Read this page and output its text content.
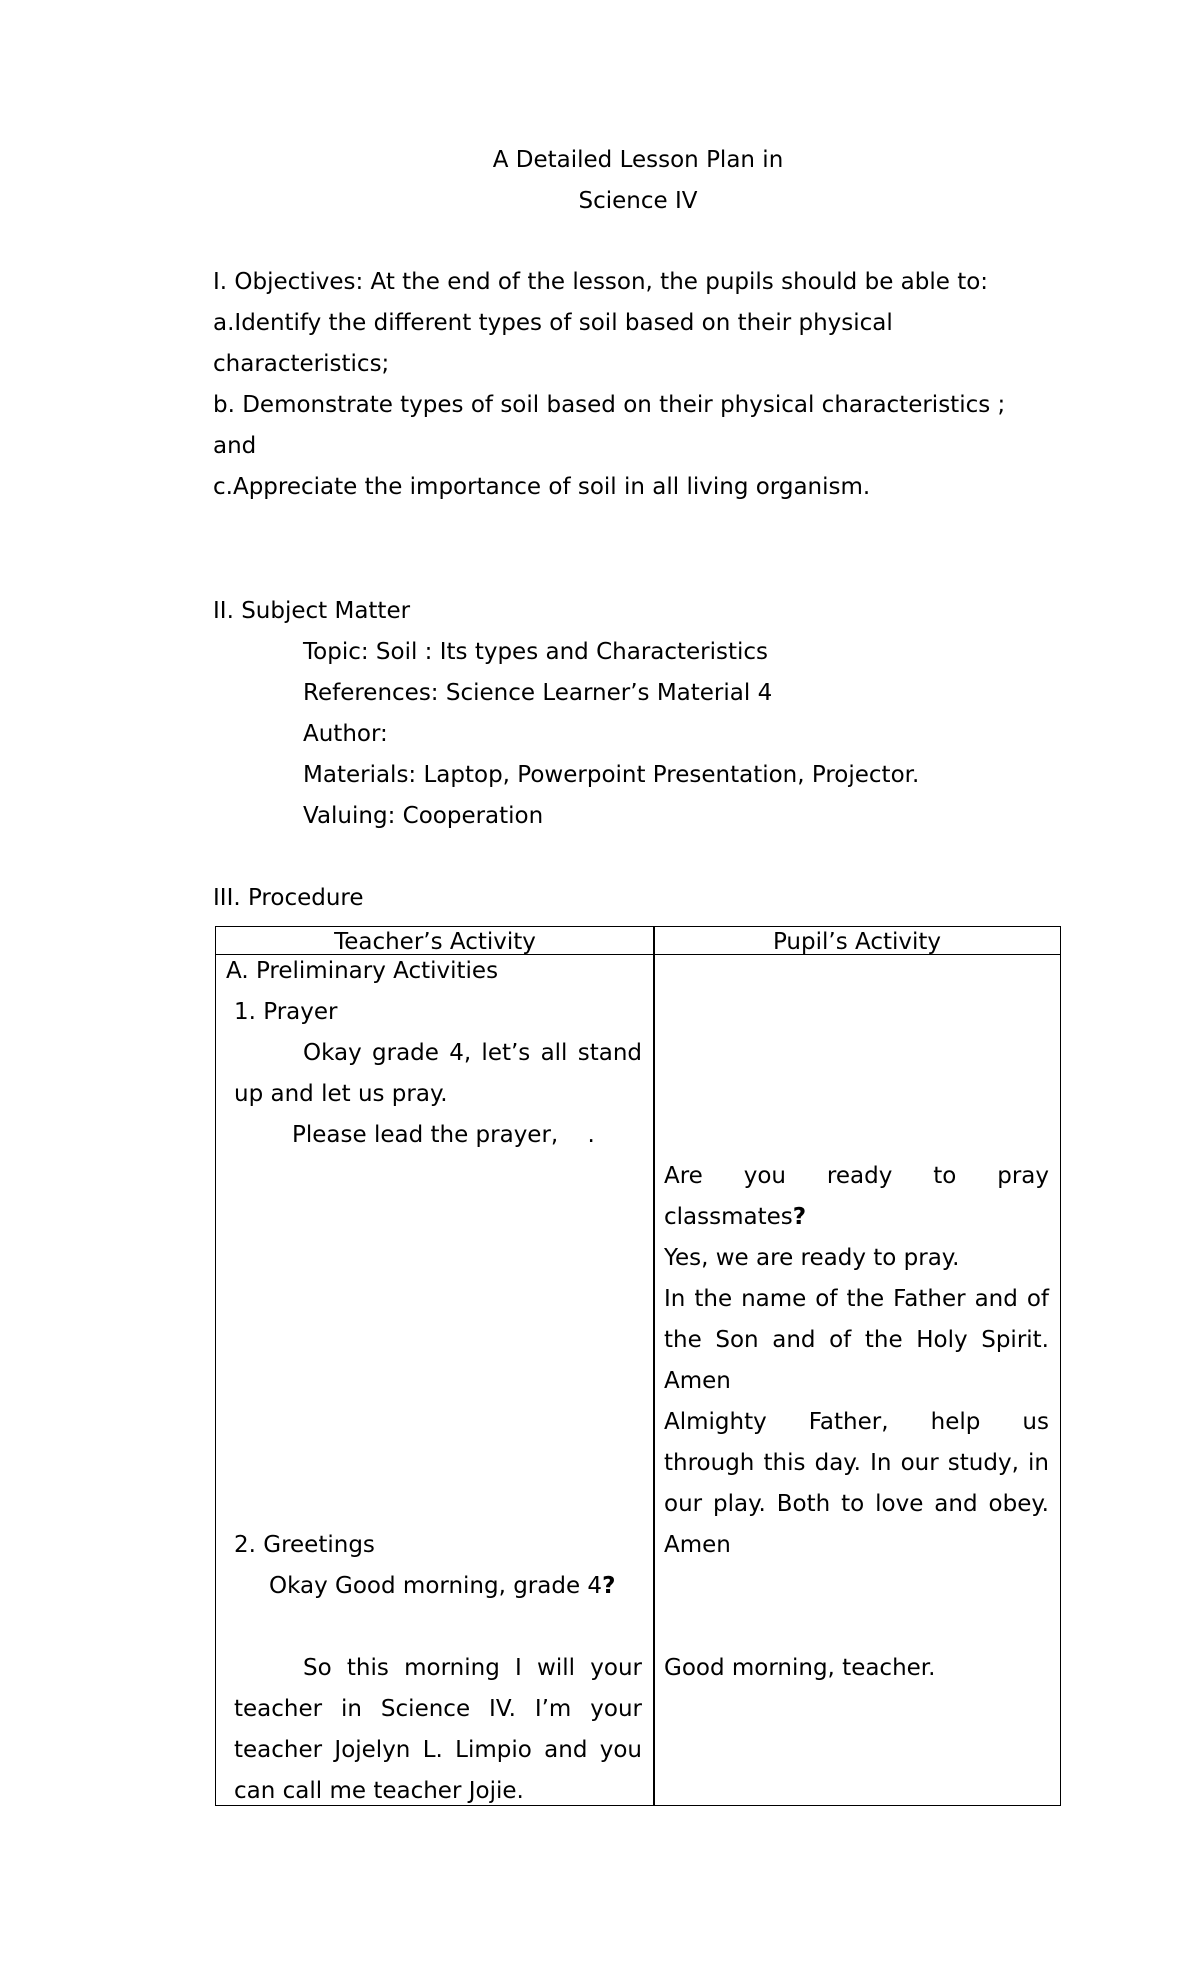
A Detailed Lesson Plan in
Science IV
I. Objectives: At the end of the lesson, the pupils should be able to:
a.Identify the different types of soil based on their physical
characteristics;
b. Demonstrate types of soil based on their physical characteristics ;
and
c.Appreciate the importance of soil in all living organism.
II. Subject Matter
Topic: Soil : Its types and Characteristics
References: Science Learner’s Material 4
Author:
Materials: Laptop, Powerpoint Presentation, Projector.
Valuing: Cooperation
III. Procedure
Teacher’s Activity	Pupil’s Activity
A. Preliminary Activities
1. Prayer
Okay grade 4, let’s all stand
up and let us pray.
Please lead the prayer,    .
2. Greetings
Okay Good morning, grade 4?
So this morning I will your
teacher in Science IV. I’m your
teacher Jojelyn L. Limpio and you
can call me teacher Jojie.
Are you ready to pray
classmates?
Yes, we are ready to pray.
In the name of the Father and of
the Son and of the Holy Spirit.
Amen
Almighty Father, help us
through this day. In our study, in
our play. Both to love and obey.
Amen
Good morning, teacher.
